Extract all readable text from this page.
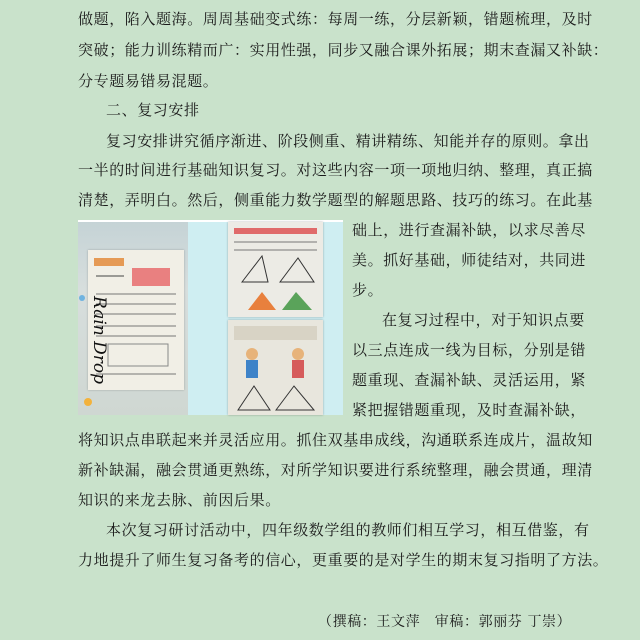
做题，陷入题海。周周基础变式练：每周一练，分层新颖，错题梳理，及时
突破；能力训练精而广：实用性强，同步又融合课外拓展；期末查漏又补缺：
分专题易错易混题。
二、复习安排
复习安排讲究循序渐进、阶段侧重、精讲精练、知能并存的原则。拿出
一半的时间进行基础知识复习。对这些内容一项一项地归纳、整理，真正搞
清楚，弄明白。然后，侧重能力数学题型的解题思路、技巧的练习。在此基
础上，进行查漏补缺，以求尽善尽
美。抓好基础，师徒结对，共同进
步。
在复习过程中，对于知识点要
以三点连成一线为目标，分别是错
题重现、查漏补缺、灵活运用，紧
紧把握错题重现，及时查漏补缺，
将知识点串联起来并灵活应用。抓住双基串成线，沟通联系连成片，温故知
新补缺漏，融会贯通更熟练，对所学知识要进行系统整理，融会贯通，理清
知识的来龙去脉、前因后果。
本次复习研讨活动中，四年级数学组的教师们相互学习，相互借鉴，有
力地提升了师生复习备考的信心，更重要的是对学生的期末复习指明了方法。
（撰稿：王文萍　审稿：郭丽芬 丁崇）
Rain Drop
